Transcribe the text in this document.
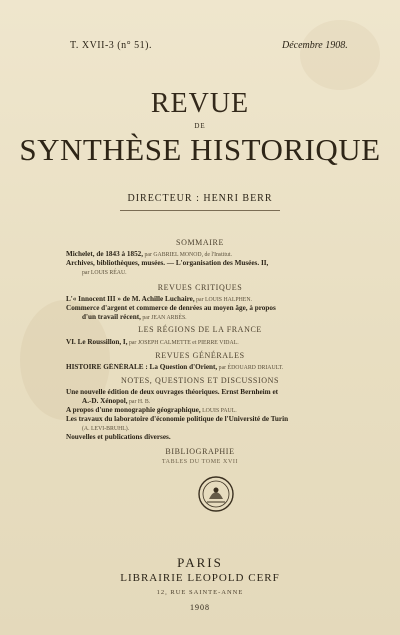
T. XVII-3 (n° 51).	Décembre 1908.
REVUE
DE
SYNTHÈSE HISTORIQUE
DIRECTEUR : HENRI BERR
SOMMAIRE
Michelet, de 1843 à 1852, par GABRIEL MONOD, de l'Institut.
Archives, bibliothèques, musées. — L'organisation des Musées. II,
par LOUIS RÉAU.
REVUES CRITIQUES
L'« Innocent III » de M. Achille Luchaire, par LOUIS HALPHEN.
Commerce d'argent et commerce de denrées au moyen âge, à propos
d'un travail récent, par JEAN ARBÈS.
LES RÉGIONS DE LA FRANCE
VI. Le Roussillon, I, par JOSEPH CALMETTE et PIERRE VIDAL.
REVUES GÉNÉRALES
HISTOIRE GÉNÉRALE : La Question d'Orient, par ÉDOUARD DRIAULT.
NOTES, QUESTIONS ET DISCUSSIONS
Une nouvelle édition de deux ouvrages théoriques. Ernst Bernheim et
A.-D. Xénopol, par H. B.
A propos d'une monographie géographique, LOUIS PAUL.
Les travaux du laboratoire d'économie politique de l'Université de Turin
(A. LEVI-BRUHL).
Nouvelles et publications diverses.
BIBLIOGRAPHIE
TABLES DU TOME XVII
PARIS
LIBRAIRIE LEOPOLD CERF
12, RUE SAINTE-ANNE
1908
